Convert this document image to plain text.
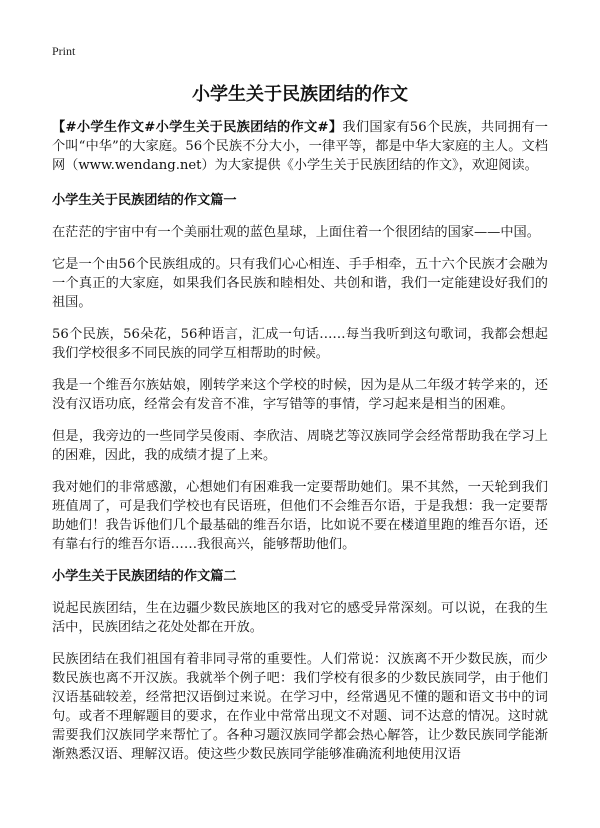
Print
小学生关于民族团结的作文

【#小学生作文#小学生关于民族团结的作文#】我们国家有56个民族，共同拥有一个叫“中华”的大家庭。56个民族不分大小，一律平等，都是中华大家庭的主人。文档网（www.wendang.net）为大家提供《小学生关于民族团结的作文》，欢迎阅读。

小学生关于民族团结的作文篇一

在茫茫的宇宙中有一个美丽壮观的蓝色星球，上面住着一个很团结的国家——中国。

它是一个由56个民族组成的。只有我们心心相连、手手相牵，五十六个民族才会融为一个真正的大家庭，如果我们各民族和睦相处、共创和谐，我们一定能建设好我们的祖国。

56个民族，56朵花，56种语言，汇成一句话……每当我听到这句歌词，我都会想起我们学校很多不同民族的同学互相帮助的时候。

我是一个维吾尔族姑娘，刚转学来这个学校的时候，因为是从二年级才转学来的，还没有汉语功底，经常会有发音不准，字写错等的事情，学习起来是相当的困难。

但是，我旁边的一些同学吴俊雨、李欣洁、周晓艺等汉族同学会经常帮助我在学习上的困难，因此，我的成绩才提了上来。

我对她们的非常感激，心想她们有困难我一定要帮助她们。果不其然，一天轮到我们班值周了，可是我们学校也有民语班，但他们不会维吾尔语，于是我想：我一定要帮助她们！我告诉他们几个最基础的维吾尔语，比如说不要在楼道里跑的维吾尔语，还有靠右行的维吾尔语……我很高兴，能够帮助他们。

小学生关于民族团结的作文篇二

说起民族团结，生在边疆少数民族地区的我对它的感受异常深刻。可以说，在我的生活中，民族团结之花处处都在开放。

民族团结在我们祖国有着非同寻常的重要性。人们常说：汉族离不开少数民族，而少数民族也离不开汉族。我就举个例子吧：我们学校有很多的少数民族同学，由于他们汉语基础较差，经常把汉语倒过来说。在学习中，经常遇见不懂的题和语文书中的词句。或者不理解题目的要求，在作业中常常出现文不对题、词不达意的情况。这时就需要我们汉族同学来帮忙了。各种习题汉族同学都会热心解答，让少数民族同学能渐渐熟悉汉语、理解汉语。使这些少数民族同学能够准确流利地使用汉语
